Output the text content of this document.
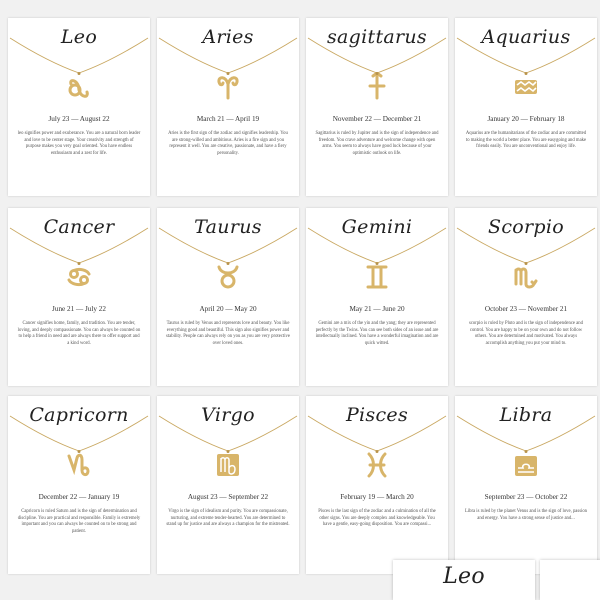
Leo
July 23 — August 22
leo signifies power and exuberance. You are a natural born leader and love to be center stage. Your creativity and strength of purpose makes you very goal oriented. You have endless enthusiasm and a zest for life.
Aries
March 21 — April 19
Aries is the first sign of the zodiac and signifies leadership. You are strong-willed and ambitious. Aries is a fire sign and you represent it well. You are creative, passionate, and have a fiery personality.
sagittarus
November 22 — December 21
Sagittarius is ruled by Jupiter and is the sign of independence and freedom. You crave adventure and welcome change with open arms. You seem to always have good luck because of your optimistic outlook on life.
Aquarius
January 20 — February 18
Aquarius are the humanitarians of the zodiac and are committed to making the world a better place. You are easygoing and make friends easily. You are unconventional and enjoy life.
Cancer
June 21 — July 22
Cancer signifies home, family, and tradition. You are tender, loving, and deeply compassionate. You can always be counted on to help a friend in need and are always there to offer support and a kind word.
Taurus
April 20 — May 20
Taurus is ruled by Venus and represents love and beauty. You like everything good and beautiful. This sign also signifies power and stability. People can always rely on you as you are very protective over loved ones.
Gemini
May 21 — June 20
Gemini are a mix of the yin and the yang; they are represented perfectly by the Twins. You can see both sides of an issue and are intellectually inclined. You have a wonderful imagination and are quick witted.
Scorpio
October 23 — November 21
scorpio is ruled by Pluto and is the sign of independence and control. You are happy to be on your own and do not follow others. You are determined and motivated. You always accomplish anything you put your mind to.
Capricorn
December 22 — January 19
Capricorn is ruled Saturn and is the sign of determination and discipline. You are practical and responsible. Family is extremely important and you can always be counted on to be strong and patient.
Virgo
August 23 — September 22
Virgo is the sign of idealism and purity. You are compassionate, nurturing, and extreme tender-hearted. You are determined to stand up for justice and are always a champion for the mistreated.
Pisces
February 19 — March 20
Pisces is the last sign of the zodiac and a culmination of all the other signs. You are deeply complex and knowledgeable. You have a gentle, easy-going disposition. You are compassi...
Libra
September 23 — October 22
Libra is ruled by the planet Venus and is the sign of love, passion and energy. You have a strong sense of justice and...
Leo
